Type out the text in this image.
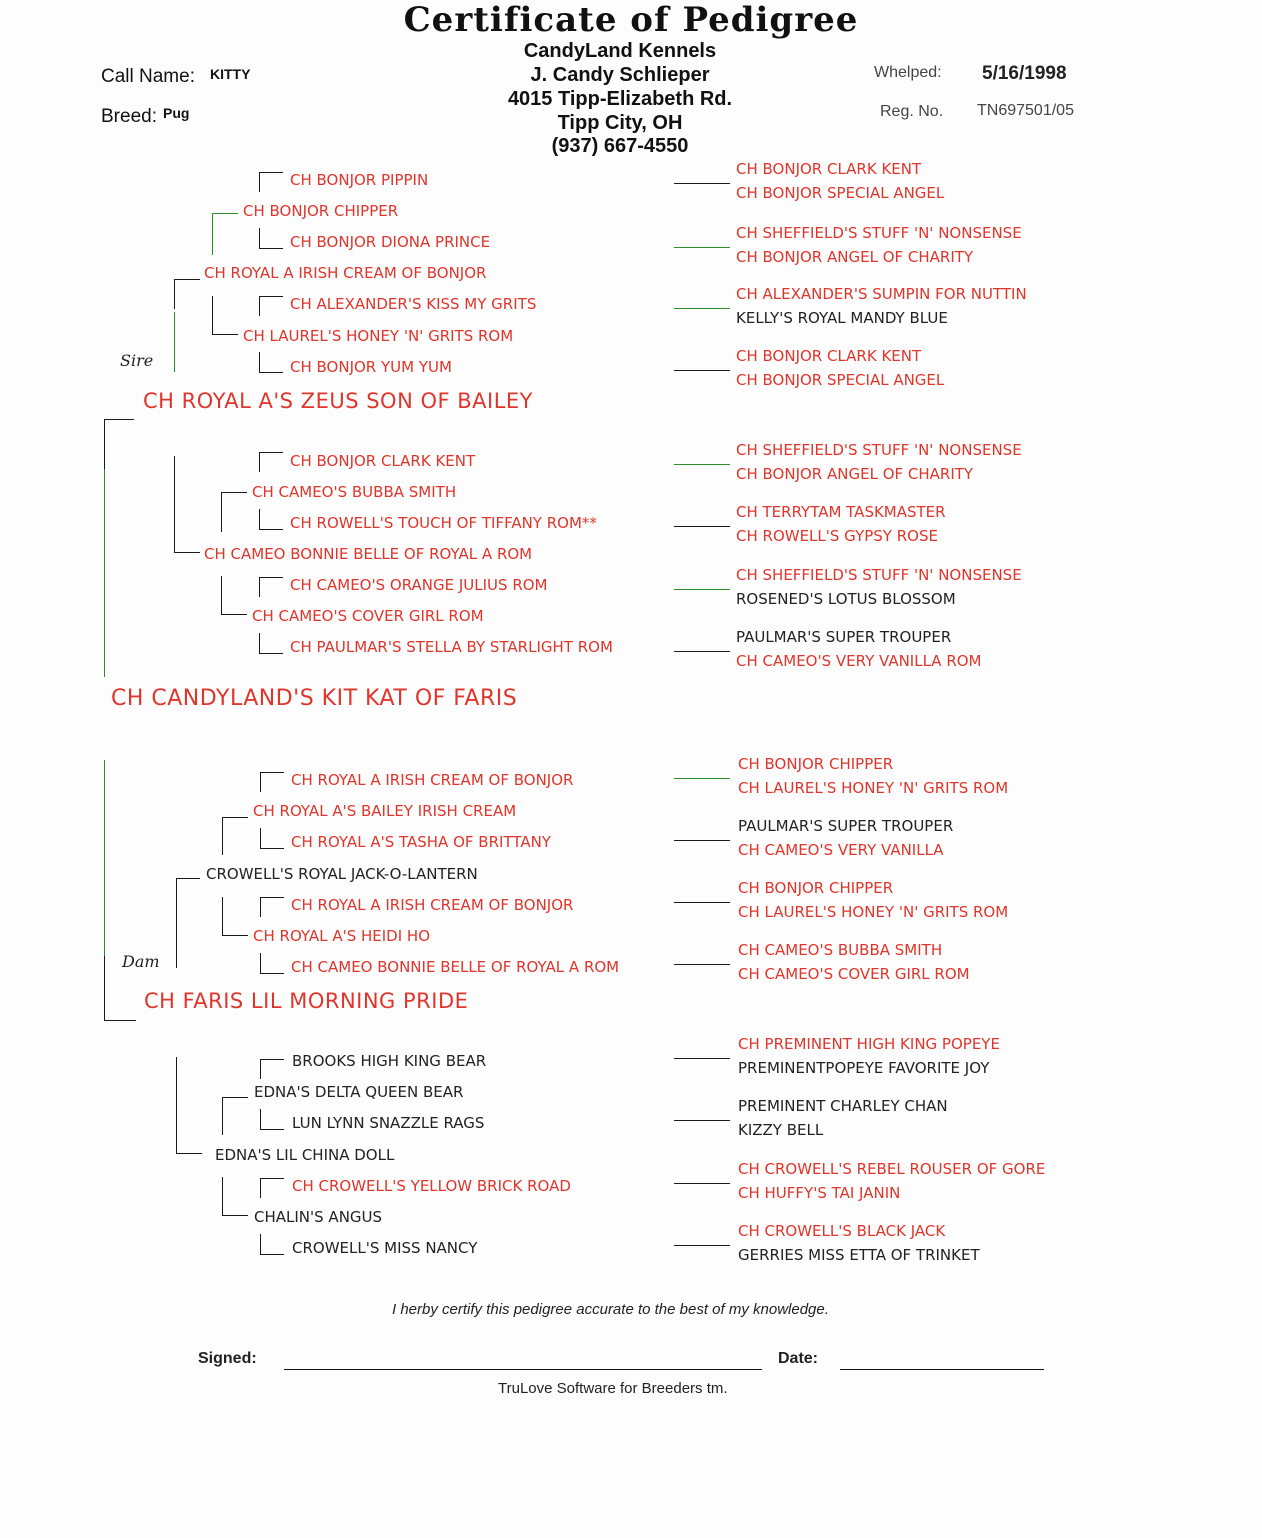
Certificate of Pedigree
CandyLand Kennels
J. Candy Schlieper
4015 Tipp-Elizabeth Rd.
Tipp City, OH
(937) 667-4550
Call Name: KITTY
Breed: Pug
Whelped: 5/16/1998
Reg. No. TN697501/05
Sire
CH BONJOR PIPPIN
CH BONJOR DIONA PRINCE
CH ALEXANDER'S KISS MY GRITS
CH BONJOR YUM YUM
CH BONJOR CLARK KENT
CH ROWELL'S TOUCH OF TIFFANY ROM**
CH CAMEO'S ORANGE JULIUS ROM
CH PAULMAR'S STELLA BY STARLIGHT ROM
CH BONJOR CHIPPER
CH LAUREL'S HONEY 'N' GRITS ROM
CH CAMEO'S BUBBA SMITH
CH CAMEO'S COVER GIRL ROM
CH ROYAL A IRISH CREAM OF BONJOR
CH CAMEO BONNIE BELLE OF ROYAL A ROM
CH ROYAL A'S ZEUS SON OF BAILEY
CH CANDYLAND'S KIT KAT OF FARIS
Dam
CH ROYAL A IRISH CREAM OF BONJOR
CH ROYAL A'S TASHA OF BRITTANY
CH ROYAL A IRISH CREAM OF BONJOR
CH CAMEO BONNIE BELLE OF ROYAL A ROM
BROOKS HIGH KING BEAR
LUN LYNN SNAZZLE RAGS
CH CROWELL'S YELLOW BRICK ROAD
CROWELL'S MISS NANCY
CH ROYAL A'S BAILEY IRISH CREAM
CH ROYAL A'S HEIDI HO
EDNA'S DELTA QUEEN BEAR
CHALIN'S ANGUS
CROWELL'S ROYAL JACK-O-LANTERN
EDNA'S LIL CHINA DOLL
CH FARIS LIL MORNING PRIDE
CH BONJOR CLARK KENT
CH BONJOR SPECIAL ANGEL
CH SHEFFIELD'S STUFF 'N' NONSENSE
CH BONJOR ANGEL OF CHARITY
CH ALEXANDER'S SUMPIN FOR NUTTIN
KELLY'S ROYAL MANDY BLUE
CH BONJOR CLARK KENT
CH BONJOR SPECIAL ANGEL
CH SHEFFIELD'S STUFF 'N' NONSENSE
CH BONJOR ANGEL OF CHARITY
CH TERRYTAM TASKMASTER
CH ROWELL'S GYPSY ROSE
CH SHEFFIELD'S STUFF 'N' NONSENSE
ROSENED'S LOTUS BLOSSOM
PAULMAR'S SUPER TROUPER
CH CAMEO'S VERY VANILLA ROM
CH BONJOR CHIPPER
CH LAUREL'S HONEY 'N' GRITS ROM
PAULMAR'S SUPER TROUPER
CH CAMEO'S VERY VANILLA
CH BONJOR CHIPPER
CH LAUREL'S HONEY 'N' GRITS ROM
CH CAMEO'S BUBBA SMITH
CH CAMEO'S COVER GIRL ROM
CH PREMINENT HIGH KING POPEYE
PREMINENTPOPEYE FAVORITE JOY
PREMINENT CHARLEY CHAN
KIZZY BELL
CH CROWELL'S REBEL ROUSER OF GORE
CH HUFFY'S TAI JANIN
CH CROWELL'S BLACK JACK
GERRIES MISS ETTA OF TRINKET
I herby certify this pedigree accurate to the best of my knowledge.
Signed:	Date:
TruLove Software for Breeders tm.
